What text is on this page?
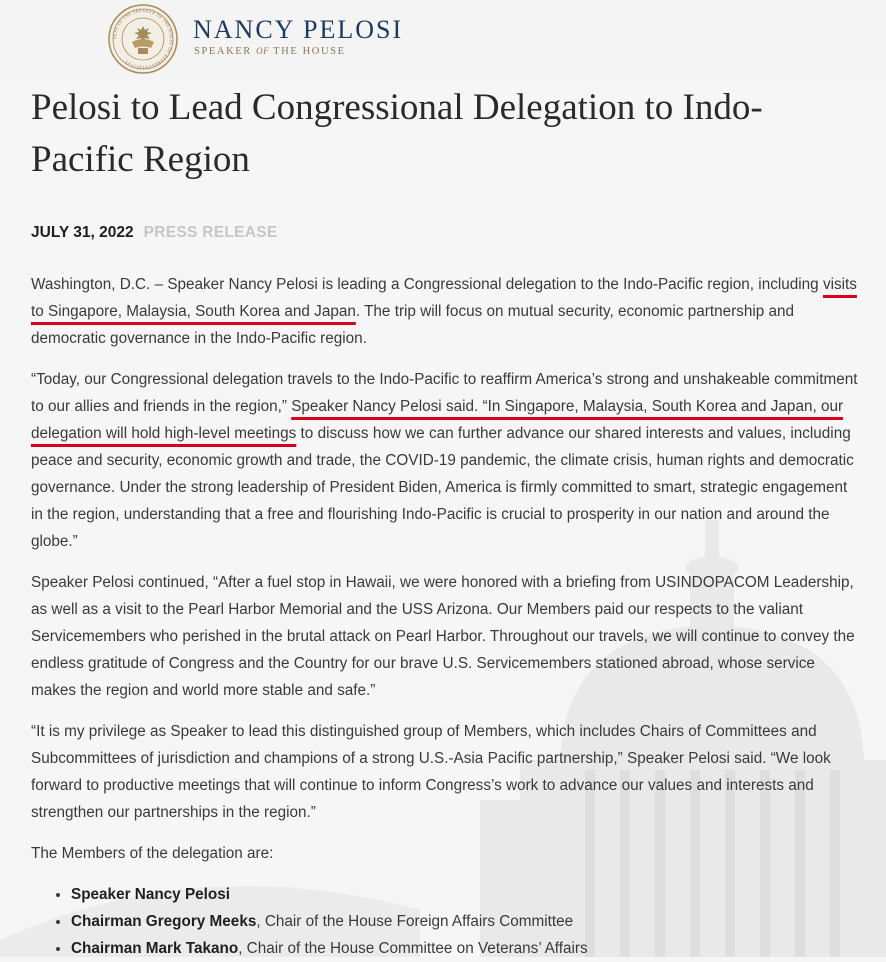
SEAL OF THE SPEAKER OF THE HOUSE OF REPRESENTATIVES
NANCY PELOSI
SPEAKER OF THE HOUSE
Pelosi to Lead Congressional Delegation to Indo-Pacific Region
JULY 31, 2022 PRESS RELEASE

Washington, D.C. – Speaker Nancy Pelosi is leading a Congressional delegation to the Indo-Pacific region, including visits to Singapore, Malaysia, South Korea and Japan. The trip will focus on mutual security, economic partnership and democratic governance in the Indo-Pacific region.

“Today, our Congressional delegation travels to the Indo-Pacific to reaffirm America’s strong and unshakeable commitment to our allies and friends in the region,” Speaker Nancy Pelosi said. “In Singapore, Malaysia, South Korea and Japan, our delegation will hold high-level meetings to discuss how we can further advance our shared interests and values, including peace and security, economic growth and trade, the COVID-19 pandemic, the climate crisis, human rights and democratic governance. Under the strong leadership of President Biden, America is firmly committed to smart, strategic engagement in the region, understanding that a free and flourishing Indo-Pacific is crucial to prosperity in our nation and around the globe.”

Speaker Pelosi continued, “After a fuel stop in Hawaii, we were honored with a briefing from USINDOPACOM Leadership, as well as a visit to the Pearl Harbor Memorial and the USS Arizona. Our Members paid our respects to the valiant Servicemembers who perished in the brutal attack on Pearl Harbor. Throughout our travels, we will continue to convey the endless gratitude of Congress and the Country for our brave U.S. Servicemembers stationed abroad, whose service makes the region and world more stable and safe.”

“It is my privilege as Speaker to lead this distinguished group of Members, which includes Chairs of Committees and Subcommittees of jurisdiction and champions of a strong U.S.-Asia Pacific partnership,” Speaker Pelosi said. “We look forward to productive meetings that will continue to inform Congress’s work to advance our values and interests and strengthen our partnerships in the region.”

The Members of the delegation are:

• Speaker Nancy Pelosi
• Chairman Gregory Meeks, Chair of the House Foreign Affairs Committee
• Chairman Mark Takano, Chair of the House Committee on Veterans’ Affairs
